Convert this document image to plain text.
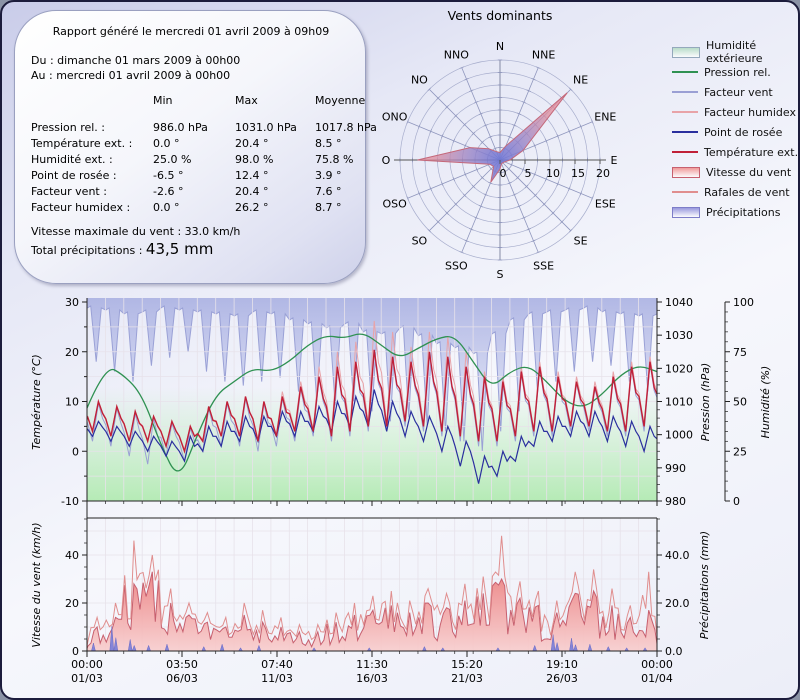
Rapport généré le mercredi 01 avril 2009 à 09h09
Du : dimanche 01 mars 2009 à 00h00
Au : mercredi 01 avril 2009 à 00h00
Min	Max	Moyenne
Pression rel. :	986.0 hPa	1031.0 hPa	1017.8 hPa
Température ext. :	0.0 °	20.4 °	8.5 °
Humidité ext. :	25.0 %	98.0 %	75.8 %
Point de rosée :	-6.5 °	12.4 °	3.9 °
Facteur vent :	-2.6 °	20.4 °	7.6 °
Facteur humidex :	0.0 °	26.2 °	8.7 °
Vitesse maximale du vent : 33.0 km/h
Total précipitations : 43,5 mm
Vents dominants
N
NNE
NE
ENE
E
ESE
SE
SSE
S
SSO
SO
OSO
O
ONO
NO
NNO
0 5 10 15 20
Humidité extérieure
Pression rel.
Facteur vent
Facteur humidex
Point de rosée
Température ext.
Vitesse du vent
Rafales de vent
Précipitations
30
20
10
0
-10
1040
1030
1020
1010
1000
990
980
100
75
50
25
0
40
20
0
40.0
20.0
0.0
Température (°C)	Pression (hPa)	Humidité (%)
Vitesse du vent (km/h)	Précipitations (mm)
00:00
01/03
03:50
06/03
07:40
11/03
11:30
16/03
15:20
21/03
19:10
26/03
00:00
01/04
